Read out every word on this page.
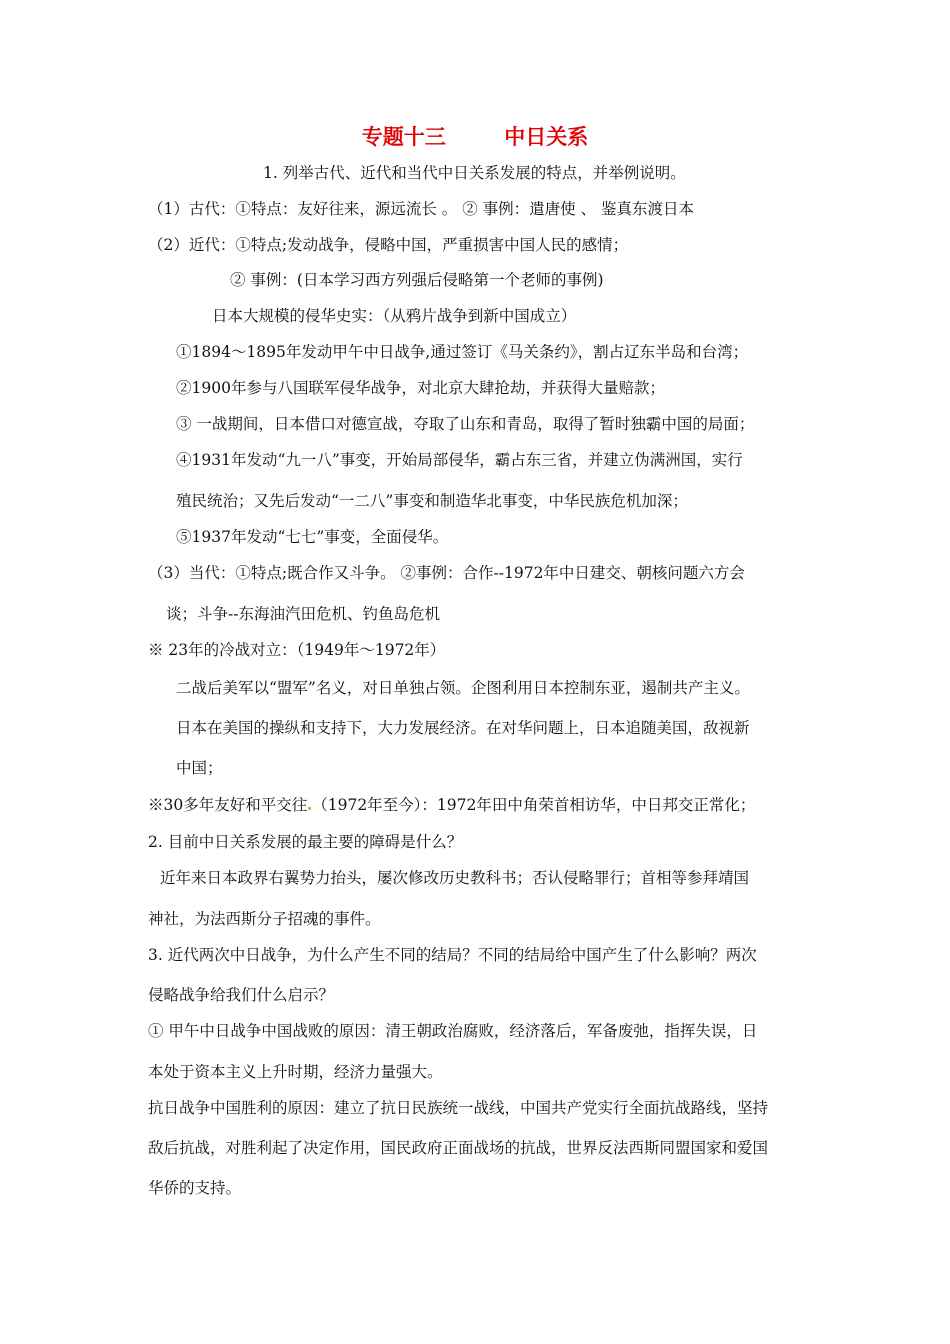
专题十三        中日关系
1. 列举古代、近代和当代中日关系发展的特点，并举例说明。
（1）古代：①特点：友好往来，源远流长 。 ② 事例：遣唐使 、 鉴真东渡日本
（2）近代：①特点;发动战争，侵略中国，严重损害中国人民的感情；
② 事例：(日本学习西方列强后侵略第一个老师的事例)
日本大规模的侵华史实：（从鸦片战争到新中国成立）
①1894～1895年发动甲午中日战争,通过签订《马关条约》，割占辽东半岛和台湾；
②1900年参与八国联军侵华战争，对北京大肆抢劫，并获得大量赔款；
③ 一战期间，日本借口对德宣战，夺取了山东和青岛，取得了暂时独霸中国的局面；
④1931年发动“九一八”事变，开始局部侵华，霸占东三省，并建立伪满洲国，实行
殖民统治；又先后发动“一二八”事变和制造华北事变，中华民族危机加深；
⑤1937年发动“七七”事变，全面侵华。
（3）当代：①特点;既合作又斗争。 ②事例：合作--1972年中日建交、朝核问题六方会
谈；斗争--东海油汽田危机、钓鱼岛危机
※ 23年的冷战对立：（1949年～1972年）
二战后美军以“盟军”名义，对日单独占领。企图利用日本控制东亚，遏制共产主义。
日本在美国的操纵和支持下，大力发展经济。在对华问题上，日本追随美国，敌视新
中国；
※30多年友好和平交往 （1972年至今）：1972年田中角荣首相访华，中日邦交正常化；
2. 目前中日关系发展的最主要的障碍是什么？
近年来日本政界右翼势力抬头，屡次修改历史教科书；否认侵略罪行；首相等参拜靖国
神社，为法西斯分子招魂的事件。
3. 近代两次中日战争，为什么产生不同的结局？不同的结局给中国产生了什么影响？两次
侵略战争给我们什么启示？
① 甲午中日战争中国战败的原因：清王朝政治腐败，经济落后，军备废弛，指挥失误，日
本处于资本主义上升时期，经济力量强大。
抗日战争中国胜利的原因：建立了抗日民族统一战线，中国共产党实行全面抗战路线，坚持
敌后抗战，对胜利起了决定作用，国民政府正面战场的抗战，世界反法西斯同盟国家和爱国
华侨的支持。
